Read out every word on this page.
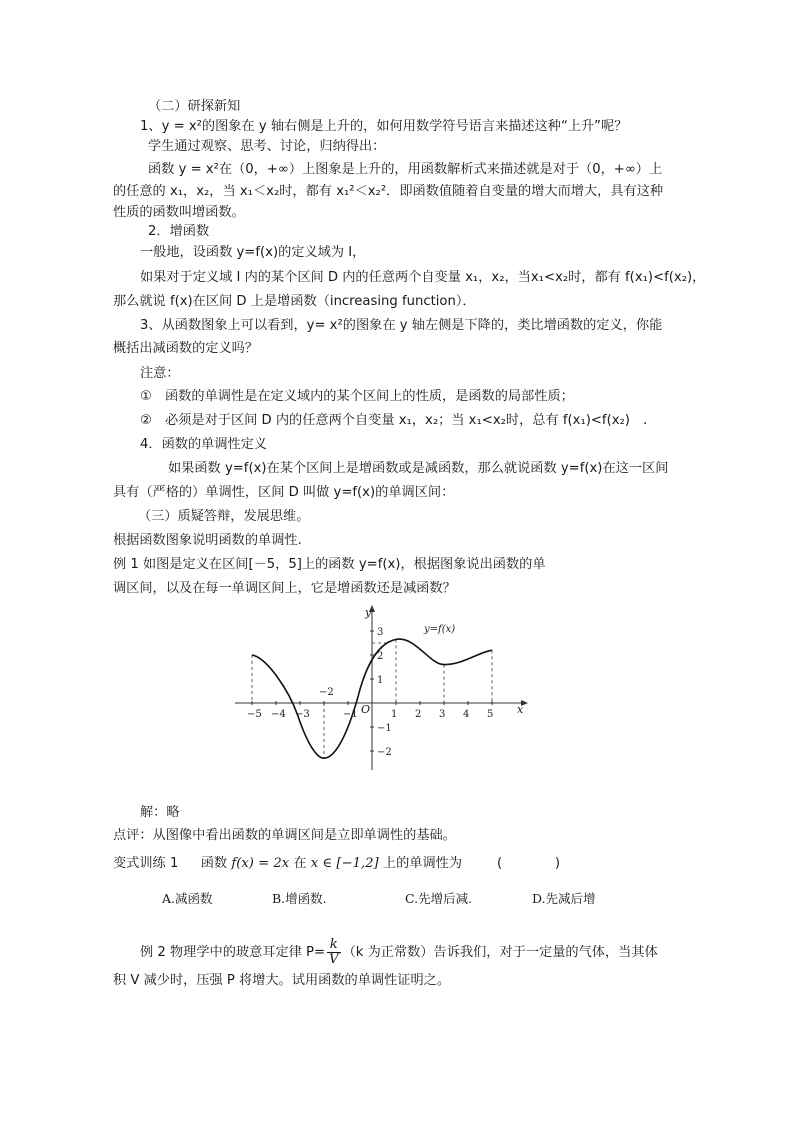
（二）研探新知
1、y = x²的图象在 y 轴右侧是上升的，如何用数学符号语言来描述这种“上升”呢？
学生通过观察、思考、讨论，归纳得出：
函数 y = x²在（0，+∞）上图象是上升的，用函数解析式来描述就是对于（0，+∞）上
的任意的 x₁，x₂，当 x₁＜x₂时，都有 x₁²＜x₂²．即函数值随着自变量的增大而增大，具有这种
性质的函数叫增函数。
2．增函数
一般地，设函数 y=f(x)的定义域为 I，
如果对于定义域 I 内的某个区间 D 内的任意两个自变量 x₁，x₂，当x₁<x₂时，都有 f(x₁)<f(x₂)，
那么就说 f(x)在区间 D 上是增函数（increasing function）．
3、从函数图象上可以看到，y= x²的图象在 y 轴左侧是下降的，类比增函数的定义，你能
概括出减函数的定义吗？
注意：
①　函数的单调性是在定义域内的某个区间上的性质，是函数的局部性质；
②　必须是对于区间 D 内的任意两个自变量 x₁，x₂；当 x₁<x₂时，总有 f(x₁)<f(x₂)　.
4．函数的单调性定义
如果函数 y=f(x)在某个区间上是增函数或是减函数，那么就说函数 y=f(x)在这一区间
具有（严格的）单调性，区间 D 叫做 y=f(x)的单调区间：
（三）质疑答辩，发展思维。
根据函数图象说明函数的单调性.
例 1 如图是定义在区间[－5，5]上的函数 y=f(x)，根据图象说出函数的单
调区间，以及在每一单调区间上，它是增函数还是减函数？
y=f(x)
x
y
O
−5 −4 −3
−2
−1	1 2 3 4 5
3
2
1
−1
−2
解：略
点评：从图像中看出函数的单调区间是立即单调性的基础。
变式训练 1 函数 f(x) = 2x 在 x ∈ [−1,2] 上的单调性为	(　　　　)
A.减函数	B.增函数.	C.先增后减.	D.先减后增
例 2 物理学中的玻意耳定律 $P= \frac{k}{V} (k$ 为正常数）告诉我们，对于一定量的气体，当其体
积 V 减少时，压强 P 将增大。试用函数的单调性证明之。
